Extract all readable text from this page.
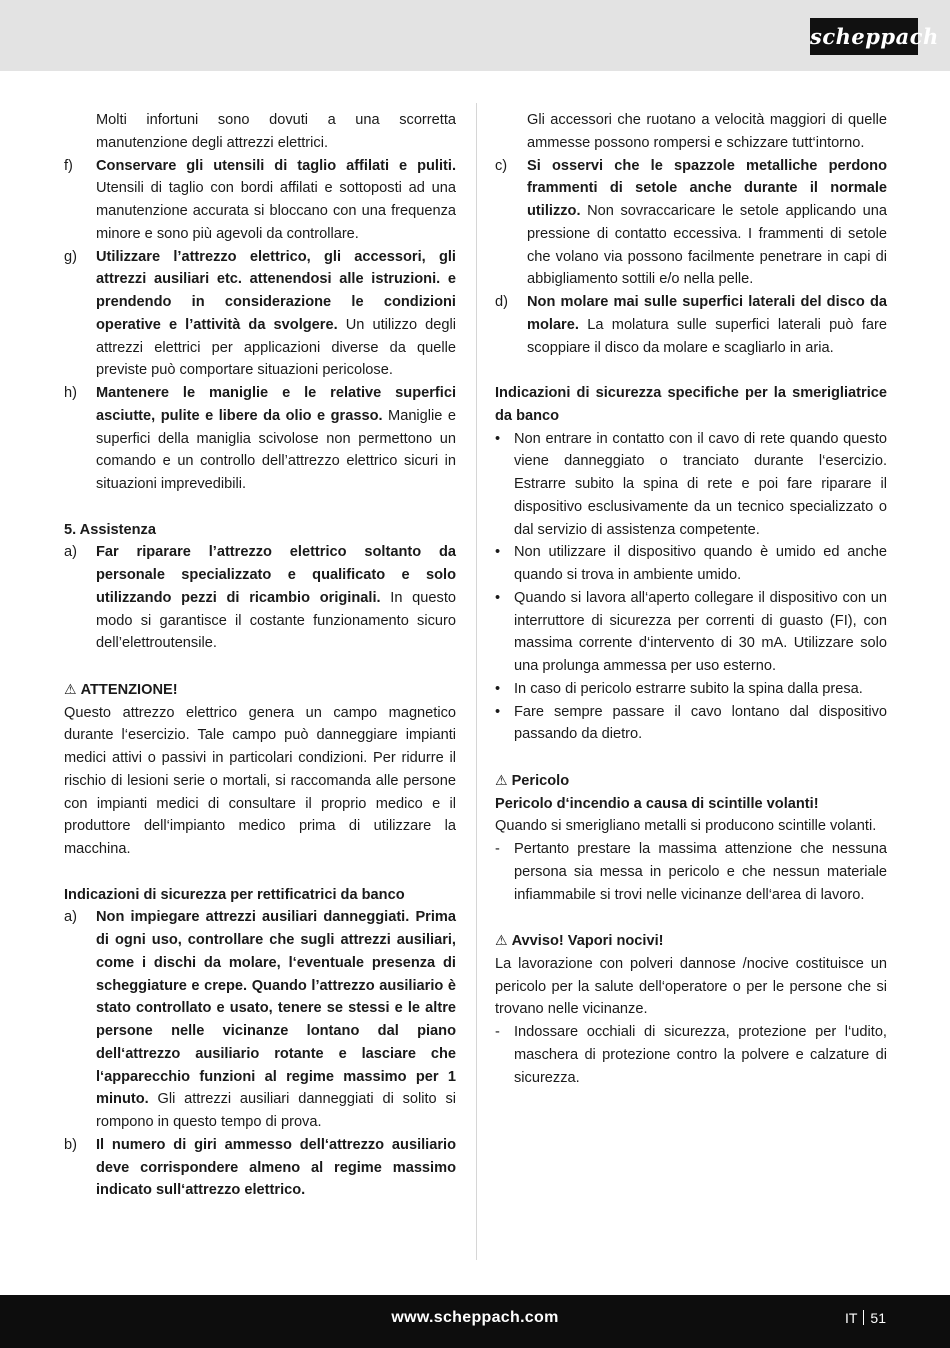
scheppach
Molti infortuni sono dovuti a una scorretta manutenzione degli attrezzi elettrici.
f) Conservare gli utensili di taglio affilati e puliti. Utensili di taglio con bordi affilati e sottoposti ad una manutenzione accurata si bloccano con una frequenza minore e sono più agevoli da controllare.
g) Utilizzare l’attrezzo elettrico, gli accessori, gli attrezzi ausiliari etc. attenendosi alle istruzioni. e prendendo in considerazione le condizioni operative e l’attività da svolgere. Un utilizzo degli attrezzi elettrici per applicazioni diverse da quelle previste può comportare situazioni pericolose.
h) Mantenere le maniglie e le relative superfici asciutte, pulite e libere da olio e grasso. Maniglie e superfici della maniglia scivolose non permettono un comando e un controllo dell’attrezzo elettrico sicuri in situazioni imprevedibili.
5. Assistenza
a) Far riparare l’attrezzo elettrico soltanto da personale specializzato e qualificato e solo utilizzando pezzi di ricambio originali. In questo modo si garantisce il costante funzionamento sicuro dell’elettroutensile.
⚠ ATTENZIONE!
Questo attrezzo elettrico genera un campo magnetico durante l‘esercizio. Tale campo può danneggiare impianti medici attivi o passivi in particolari condizioni. Per ridurre il rischio di lesioni serie o mortali, si raccomanda alle persone con impianti medici di consultare il proprio medico e il produttore dell‘impianto medico prima di utilizzare la macchina.
Indicazioni di sicurezza per rettificatrici da banco
a) Non impiegare attrezzi ausiliari danneggiati. Prima di ogni uso, controllare che sugli attrezzi ausiliari, come i dischi da molare, l‘eventuale presenza di scheggiature e crepe. Quando l’attrezzo ausiliario è stato controllato e usato, tenere se stessi e le altre persone nelle vicinanze lontano dal piano dell‘attrezzo ausiliario rotante e lasciare che l‘apparecchio funzioni al regime massimo per 1 minuto. Gli attrezzi ausiliari danneggiati di solito si rompono in questo tempo di prova.
b) Il numero di giri ammesso dell‘attrezzo ausiliario deve corrispondere almeno al regime massimo indicato sull‘attrezzo elettrico.
Gli accessori che ruotano a velocità maggiori di quelle ammesse possono rompersi e schizzare tutt‘intorno.
c) Si osservi che le spazzole metalliche perdono frammenti di setole anche durante il normale utilizzo. Non sovraccaricare le setole applicando una pressione di contatto eccessiva. I frammenti di setole che volano via possono facilmente penetrare in capi di abbigliamento sottili e/o nella pelle.
d) Non molare mai sulle superfici laterali del disco da molare. La molatura sulle superfici laterali può fare scoppiare il disco da molare e scagliarlo in aria.
Indicazioni di sicurezza specifiche per la smerigliatrice da banco
• Non entrare in contatto con il cavo di rete quando questo viene danneggiato o tranciato durante l‘esercizio. Estrarre subito la spina di rete e poi fare riparare il dispositivo esclusivamente da un tecnico specializzato o dal servizio di assistenza competente.
• Non utilizzare il dispositivo quando è umido ed anche quando si trova in ambiente umido.
• Quando si lavora all‘aperto collegare il dispositivo con un interruttore di sicurezza per correnti di guasto (FI), con massima corrente d‘intervento di 30 mA. Utilizzare solo una prolunga ammessa per uso esterno.
• In caso di pericolo estrarre subito la spina dalla presa.
• Fare sempre passare il cavo lontano dal dispositivo passando da dietro.
⚠ Pericolo
Pericolo d‘incendio a causa di scintille volanti!
Quando si smerigliano metalli si producono scintille volanti.
- Pertanto prestare la massima attenzione che nessuna persona sia messa in pericolo e che nessun materiale infiammabile si trovi nelle vicinanze dell‘area di lavoro.
⚠ Avviso! Vapori nocivi!
La lavorazione con polveri dannose /nocive costituisce un pericolo per la salute dell‘operatore o per le persone che si trovano nelle vicinanze.
- Indossare occhiali di sicurezza, protezione per l‘udito, maschera di protezione contro la polvere e calzature di sicurezza.
www.scheppach.com	IT 51
